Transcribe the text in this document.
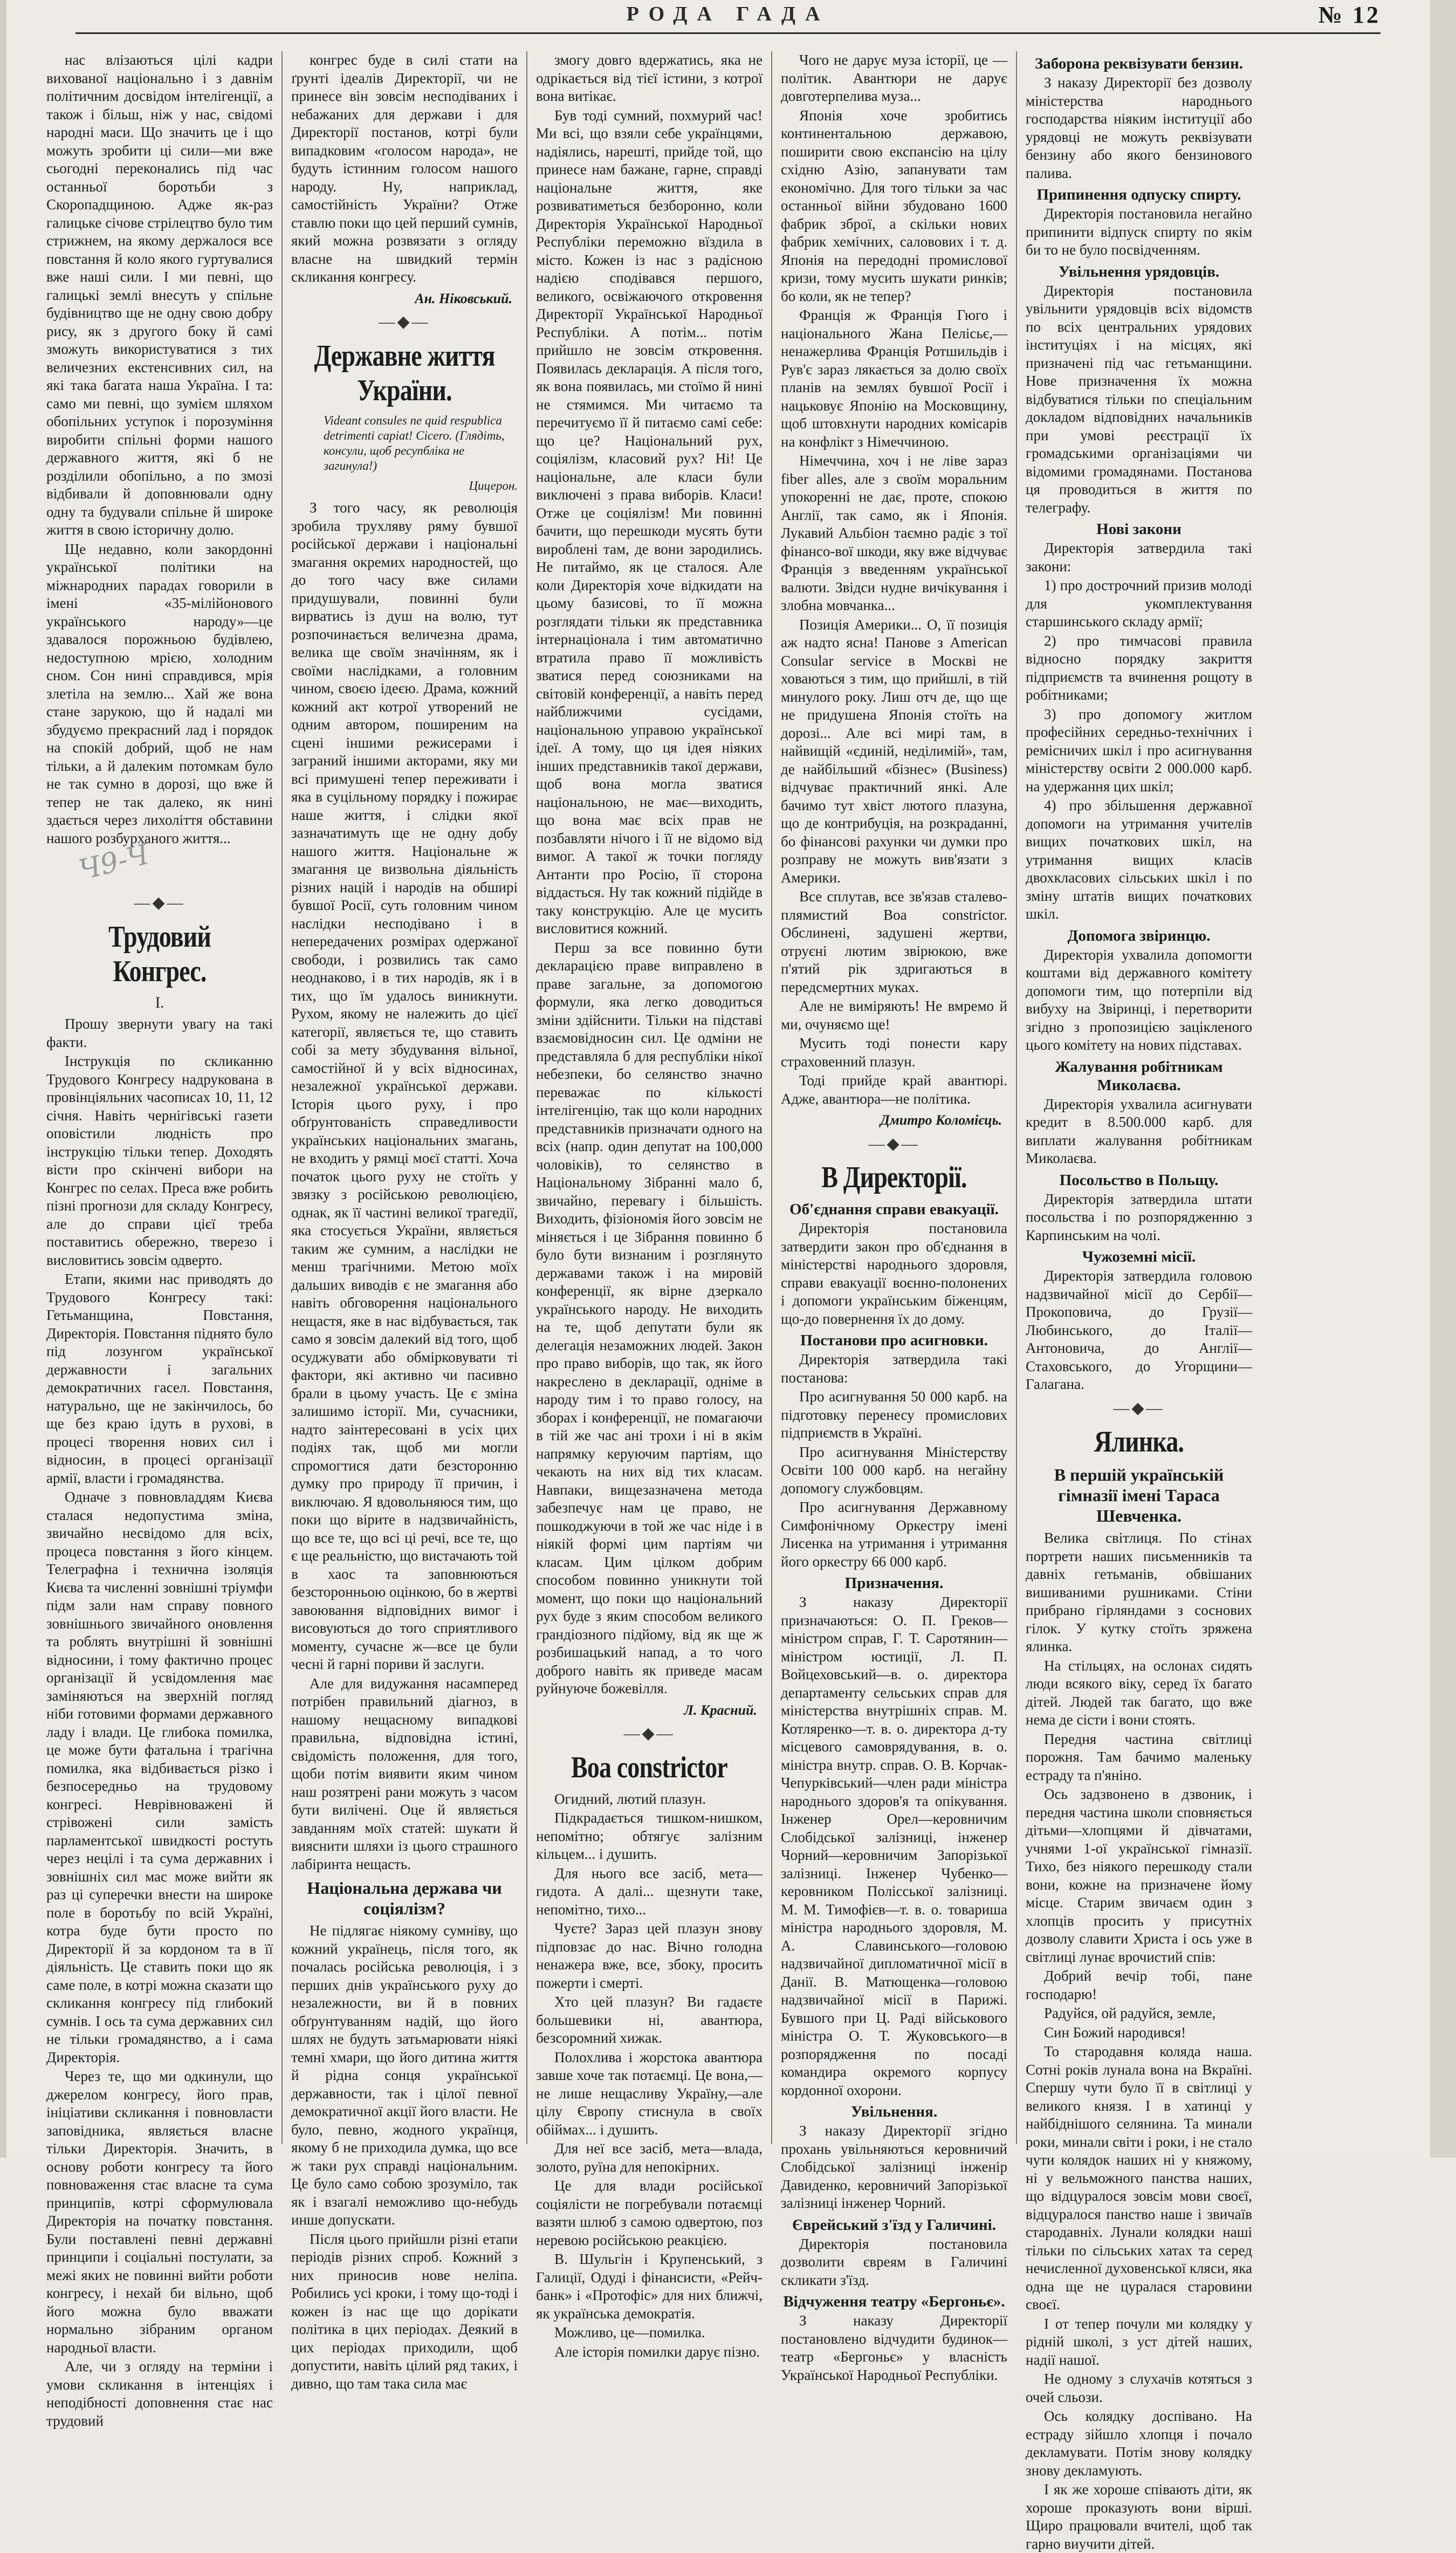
РОДА ГАДА	№ 12

нас влізаються цілі кадри вихованої національно і з давнім політичним досвідом інтелігенції, а також і більш, ніж у нас, свідомі народні маси. Що значить це і що можуть зробити ці сили—ми вже сьогодні переконались під час останньої боротьби з Скоропадщиною. Адже як-раз галицьке січове стрілецтво було тим стрижнем, на якому держалося все повстання й коло якого гуртувалися вже наші сили. І ми певні, що галицькі землі внесуть у спільне будівництво ще не одну свою добру рису, як з другого боку й самі зможуть використуватися з тих величезних екстенсивних сил, на які така багата наша Україна. І та: само ми певні, що зумієм шляхом обопільних уступок і порозуміння виробити спільні форми нашого державного життя, які б не розділили обопільно, а по змозі відбивали й доповнювали одну одну та будували спільне й широке життя в свою історичну долю.

Ще недавно, коли закордонні української політики на міжнародних парадах говорили в імені «35-мілійонового українського народу»—це здавалося порожньою будівлею, недоступною мрією, холодним сном. Сон нині справдився, мрія злетіла на землю... Хай же вона стане зарукою, що й надалі ми збудуємо прекрасний лад і порядок на спокій добрий, щоб не нам тільки, а й далеким потомкам було не так сумно в дорозі, що вже й тепер не так далеко, як нині здається через лихоліття обставини нашого розбурханого життя...

Ч9-Ч
—◆—
Трудовий Конгрес.
І.

Прошу звернути увагу на такі факти.

Інструкція по скликанню Трудового Конгресу надрукована в провінціяльних часописах 10, 11, 12 січня. Навіть чернігівські газети оповістили людність про інструкцію тільки тепер. Доходять вісти про скінчені вибори на Конгрес по селах. Преса вже робить пізні прогнози для складу Конгресу, але до справи цієї треба поставитись обережно, тверезо і висловитись зовсім одверто.

Етапи, якими нас приводять до Трудового Конгресу такі: Гетьманщина, Повстання, Директорія. Повстання піднято було під лозунгом української державности і загальних демократичних гасел. Повстання, натурально, ще не закінчилось, бо ще без краю ідуть в рухові, в процесі творення нових сил і відносин, в процесі організації армії, власти і громадянства.

Одначе з повновладдям Києва сталася недопустима зміна, звичайно несвідомо для всіх, процеса повстання з його кінцем. Телеграфна і технична ізоляція Києва та численні зовнішні тріумфи підм зали нам справу повного зовнішнього звичайного оновлення та роблять внутрішні й зовнішні відносини, і тому фактично процес організації й усвідомлення має заміняються на зверхній погляд ніби готовими формами державного ладу і влади. Це глибока помилка, це може бути фатальна і трагічна помилка, яка відбивається різко і безпосередньо на трудовому конгресі. Неврівноважені й стрівожені сили замість парламентської швидкості ростуть через нецілі і та сума державних і зовнішніх сил мас може вийти як раз ці суперечки внести на широке поле в боротьбу по всій Україні, котра буде бути просто по Директорії й за кордоном та в її діяльність. Це ставить поки що як саме поле, в котрі можна сказати що скликання конгресу під глибокий сумнів. І ось та сума державних сил не тільки громадянство, а і сама Директорія.

Через те, що ми одкинули, що джерелом конгресу, його прав, ініціативи скликання і повновласти заповідника, являється власне тільки Директорія. Значить, в основу роботи конгресу та його повноваження стає власне та сума принципів, котрі сформулювала Директорія на початку повстання. Були поставлені певні державні принципи і соціальні постулати, за межі яких не повинні вийти роботи конгресу, і нехай би вільно, щоб його можна було вважати нормально зібраним органом народньої власти.

Але, чи з огляду на терміни і умови скликання в інтенціях і неподібності доповнення стає нас трудовий

конгрес буде в силі стати на ґрунті ідеалів Директорії, чи не принесе він зовсім несподіваних і небажаних для держави і для Директорії постанов, котрі були випадковим «голосом народа», не будуть істинним голосом нашого народу. Ну, наприклад, самостійність України? Отже ставлю поки що цей перший сумнів, який можна розвязати з огляду власне на швидкий термін скликання конгресу.

Ан. Ніковський.
—◆—
Державне життя України.
Videant consules ne quid respublica detrimenti capiat! Cicero. (Глядіть, консули, щоб ресупбліка не загинула!)
Цицерон.

З того часу, як революція зробила трухляву ряму бувшої російської держави і національні змагання окремих народностей, що до того часу вже силами придушували, повинні були вирватись із душ на волю, тут розпочинається величезна драма, велика ще своїм значінням, як і своїми наслідками, а головним чином, своєю ідеєю. Драма, кожний кожний акт котрої утворений не одним автором, поширеним на сцені іншими режисерами і заграний іншими акторами, яку ми всі примушені тепер переживати і яка в суцільному порядку і пожирає наше життя, і слідки якої зазначатимуть ще не одну добу нашого життя. Національне ж змагання це визвольна діяльність різних націй і народів на обширі бувшої Росії, суть головним чином наслідки несподівано і в непередачених розмірах одержаної свободи, і розвились так само неоднаково, і в тих народів, як і в тих, що їм удалось виникнути. Рухом, якому не належить до цієї категорії, являється те, що ставить собі за мету збудування вільної, самостійної й у всіх відносинах, незалежної української держави. Історія цього руху, і про обґрунтованість справедливости українських національних змагань, не входить у рямці моєї статті. Хоча початок цього руху не стоїть у звязку з російською революцією, однак, як її частині великої трагедії, яка стосується України, являється таким же сумним, а наслідки не менш трагічними. Метою моїх дальших виводів є не змагання або навіть обговорення національного нещастя, яке в нас відбувається, так само я зовсім далекий від того, щоб осуджувати або обмірковувати ті фактори, які активно чи пасивно брали в цьому участь. Це є зміна залишимо історії. Ми, сучасники, надто заінтересовані в усіх цих подіях так, щоб ми могли спромогтися дати безсторонню думку про природу її причин, і виключаю. Я вдовольняюся тим, що поки що вірите в надзвичайність, що все те, що всі ці речі, все те, що є ще реальністю, що вистачають той в хаос та заповнюються безсторонньою оцінкою, бо в жертві завоювання відповідних вимог і висовуються до того сприятливого моменту, сучасне ж—все це були чесні й гарні пориви й заслуги.

Але для видужання насамперед потрібен правильний діагноз, в нашому нещасному випадкові правильна, відповідна істині, свідомість положення, для того, щоби потім виявити яким чином наш розятрені рани можуть з часом бути вилічені. Оце й являється завданням моїх статей: шукати й вияснити шляхи із цього страшного лабіринта нещасть.

Національна держава чи соціялізм?

Не підлягає ніякому сумніву, що кожний українець, після того, як почалась російська революція, і з перших днів українського руху до незалежности, ви й в повних обґрунтуванням надій, що його шлях не будуть затьмарювати ніякі темні хмари, що його дитина життя й рідна сонця української державности, так і цілої певної демократичної акції його власти. Не було, певно, жодного українця, якому б не приходила думка, що все ж таки рух справді національним. Це було само собою зрозуміло, так як і взагалі неможливо що-небудь инше допускати.

Після цього прийшли різні етапи періодів різних спроб. Кожний з них приносив нове неліпа. Робились усі кроки, і тому що-тоді і кожен із нас ще що дорікати політика в цих періодах. Деякий в цих періодах приходили, щоб допустити, навіть цілий ряд таких, і дивно, що там така сила має

змогу довго вдержатись, яка не одрікається від тієї істини, з котрої вона витікає.

Був тоді сумний, похмурий час! Ми всі, що взяли себе українцями, надіялись, нарешті, прийде той, що принесе нам бажане, гарне, справді національне життя, яке розвиватиметься безборонно, коли Директорія Української Народньої Республіки переможно вїздила в місто. Кожен із нас з радісною надією сподівався першого, великого, освіжаючого откровення Директорії Української Народньої Республіки. А потім... потім прийшло не зовсім откровення. Появилась декларація. А після того, як вона появилась, ми стоїмо й нині не стямимся. Ми читаємо та перечитуємо її й питаємо самі себе: що це? Національний рух, соціялізм, класовий рух? Ні! Це національне, але класи були виключені з права виборів. Класи! Отже це соціялізм! Ми повинні бачити, що перешкоди мусять бути вироблені там, де вони зародились. Не питаймо, як це сталося. Але коли Директорія хоче відкидати на цьому базисові, то її можна розглядати тільки як представника інтернаціонала і тим автоматично втратила право її можливість зватися перед союзниками на світовій конференції, а навіть перед найближчими сусідами, національною управою української ідеї. А тому, що ця ідея ніяких інших представників такої держави, щоб вона могла зватися національною, не має—виходить, що вона має всіх прав не позбавляти нічого і її не відомо від вимог. А такої ж точки погляду Антанти про Росію, її сторона віддасться. Ну так кожний підійде в таку конструкцію. Але це мусить висловитися кожний.

Перш за все повинно бути декларацією праве виправлено в праве загальне, за допомогою формули, яка легко доводиться зміни здійснити. Тільки на підставі взаємовідносин сил. Це одміни не представляла б для республіки нікої небезпеки, бо селянство значно переважає по кількості інтелігенцію, так що коли народних представників призначати одного на всіх (напр. один депутат на 100,000 чоловіків), то селянство в Національному Зібранні мало б, звичайно, перевагу і більшість. Виходить, фізіономія його зовсім не міняється і це Зібрання повинно б було бути визнаним і розглянуто державами також і на мировій конференції, як вірне дзеркало українського народу. Не виходить на те, щоб депутати були як делегація незаможних людей. Закон про право виборів, що так, як його накреслено в декларації, одніме в народу тим і то право голосу, на зборах і конференції, не помагаючи в тій же час ані трохи і ні в якім напрямку керуючим партіям, що чекають на них від тих класам. Навпаки, вищезазначена метода забезпечує нам це право, не пошкоджуючи в той же час ніде і в ніякій формі цим партіям чи класам. Цим цілком добрим способом повинно уникнути той момент, що поки що національний рух буде з яким способом великого грандіозного підйому, від як ще ж розбишацький напад, а то чого доброго навіть як приведе масам руйнуюче божевілля.

Л. Красний.
—◆—
Boa constrictor

Огидний, лютий плазун.

Підкрадається тишком-нишком, непомітно; обтягує залізним кільцем... і душить.

Для нього все засіб, мета—гидота. А далі... щезнути таке, непомітно, тихо...

Чуєте? Зараз цей плазун знову підповзає до нас. Вічно голодна ненажера вже, все, збоку, просить пожерти і смерті.

Хто цей плазун? Ви гадаєте большевики ні, авантюра, безсоромний хижак.

Полохлива і жорстока авантюра завше хоче так потаємці. Це вона,—не лише нещасливу Україну,—але цілу Європу стиснула в своїх обіймах... і душить.

Для неї все засіб, мета—влада, золото, руїна для непокірних.

Це для влади російської соціялісти не погребували потаємці вазяти шлюб з самою одвертою, поз неревою російською реакцією.

В. Шульгін і Крупенський, з Галиції, Одуді і фінансисти, «Рейч-банк» і «Протофіс» для них ближчі, як українська демократія.

Можливо, це—помилка.

Але історія помилки дарує пізно.

Чого не дарує муза історії, це —політик. Авантюри не дарує довготерпелива муза...

Японія хоче зробитись континентальною державою, поширити свою експансію на цілу східню Азію, запанувати там економічно. Для того тільки за час останньої війни збудовано 1600 фабрик зброї, а скільки нових фабрик хемічних, саловових і т. д. Японія на передодні промислової кризи, тому мусить шукати ринків; бо коли, як не тепер?

Франція ж Франція Гюго і національного Жана Пелісьє,—ненажерлива Франція Ротшильдів і Рув'є зараз лякається за долю своїх планів на землях бувшої Росії і нацьковує Японію на Московщину, щоб штовхнути народних комісарів на конфлікт з Німеччиною.

Німеччина, хоч і не ліве зараз fiber alles, але з своїм моральним упокоренні не дає, проте, спокою Англії, так само, як і Японія. Лукавий Альбіон таємно радіє з тої фінансо-вої шкоди, яку вже відчуває Франція з введенням української валюти. Звідси нудне вичікування і злобна мовчанка...

Позиція Америки... О, її позиція аж надто ясна! Панове з American Consular service в Москві не ховаються з тим, що прийшлі, в тій минулого року. Лиш отч де, що ще не придушена Японія стоїть на дорозі... Але всі мирі там, в найвищій «єдиній, неділимій», там, де найбільший «бізнес» (Business) відчуває практичний янкі. Але бачимо тут хвіст лютого плазуна, що де контрибуція, на розкраданні, бо фінансові рахунки чи думки про розправу не можуть вив'язати з Америки.

Все сплутав, все зв'язав сталево-плямистий Boa constrictor. Обслинені, задушені жертви, отруєні лютим звірюкою, вже п'ятий рік здригаються в передсмертних муках.

Але не виміряють! Не вмремо й ми, очуняємо ще!

Мусить тоді понести кару страховенний плазун.

Тоді прийде край авантюрі. Адже, авантюра—не політика.

Дмитро Коломієць.
—◆—
В Директорії.
Об'єднання справи евакуації.

Директорія постановила затвердити закон про об'єднання в міністерстві народнього здоровля, справи евакуації воєнно-полонених і допомоги українським біженцям, що-до повернення їх до дому.

Постанови про асигновки.

Директорія затвердила такі постанова:

Про асигнування 50 000 карб. на підготовку перенесу промислових підприємств в Україні.

Про асигнування Міністерству Освіти 100 000 карб. на негайну допомогу службовцям.

Про асигнування Державному Симфонічному Оркестру імені Лисенка на утримання і утримання його оркестру 66 000 карб.

Призначення.

З наказу Директорії призначаються: О. П. Греков—міністром справ, Г. Т. Саротянин—міністром юстиції, Л. П. Войцеховський—в. о. директора департаменту сельських справ для міністерства внутрішніх справ. М. Котляренко—т. в. о. директора д-ту місцевого самоврядування, в. о. міністра внутр. справ. О. В. Корчак-Чепурківський—член ради міністра народнього здоров'я та опікування. Інженер Орел—керовничим Слобідської залізниці, інженер Чорний—керовничим Запорізької залізниці. Інженер Чубенко—керовником Полісської залізниці. М. М. Тимофієв—т. в. о. товариша міністра народнього здоровля, М. А. Славинського—головою надзвичайної дипломатичної місії в Данії. В. Матющенка—головою надзвичайної місії в Парижі. Бувшого при Ц. Раді військового міністра О. Т. Жуковського—в розпорядження по посаді командира окремого корпусу кордонної охорони.

Увільнення.

З наказу Директорії згідно прохань увільняються керовничий Слобідської залізниці інженір Давиденко, керовничий Запорізької залізниці інженер Чорний.

Єврейський з'їзд у Галичині.

Директорія постановила дозволити євреям в Галичині скликати з'їзд.

Відчуження театру «Бергоньє».

З наказу Директорії постановлено відчудити будинок—театр «Бергоньє» у власність Української Народньої Республіки.

Заборона реквізувати бензин.

З наказу Директорії без дозволу міністерства народнього господарства ніяким інституції або урядовці не можуть реквізувати бензину або якого бензинового палива.

Припинення одпуску спирту.

Директорія постановила негайно припинити відпуск спирту по якім би то не було посвідченням.

Увільнення урядовців.

Директорія постановила увільнити урядовців всіх відомств по всіх центральних урядових інституціях і на місцях, які призначені під час гетьманщини. Нове призначення їх можна відбуватися тільки по спеціальним докладом відповідних начальників при умові реєстрації їх громадськими організаціями чи відомими громадянами. Постанова ця проводиться в життя по телеграфу.

Нові закони

Директорія затвердила такі закони:

1) про дострочний призив молоді для укомплектування старшинського складу армії;

2) про тимчасові правила відносно порядку закриття підприємств та вчинення рощоту в робітниками;

3) про допомогу житлом професійних середньо-технічних і ремісничих шкіл і про асигнування міністерству освіти 2 000.000 карб. на удержання цих шкіл;

4) про збільшення державної допомоги на утримання учителів вищих початкових шкіл, на утримання вищих класів двохкласових сільських шкіл і по зміну штатів вищих початкових шкіл.

Допомога звіринцю.

Директорія ухвалила допомогти коштами від державного комітету допомоги тим, що потерпіли від вибуху на Звіринці, і перетворити згідно з пропозицією зацікленого цього комітету на нових підставах.

Жалування робітникам Миколаєва.

Директорія ухвалила асигнувати кредит в 8.500.000 карб. для виплати жалування робітникам Миколаєва.

Посольство в Польщу.

Директорія затвердила штати посольства і по розпорядженню з Карпинським на чолі.

Чужоземні місії.

Директорія затвердила головою надзвичайної місії до Сербії—Прокоповича, до Грузії—Любинського, до Італії—Антоновича, до Англії—Стаховського, до Угорщини—Галагана.

—◆—
Ялинка.
В першій українській гімназії імені Тараса Шевченка.

Велика світлиця. По стінах портрети наших письменників та давніх гетьманів, обвішаних вишиваними рушниками. Стіни прибрано гірляндами з соснових гілок. У кутку стоїть зряжена ялинка.

На стільцях, на ослонах сидять люди всякого віку, серед їх багато дітей. Людей так багато, що вже нема де сісти і вони стоять.

Передня частина світлиці порожня. Там бачимо маленьку естраду та п'яніно.

Ось задзвонено в дзвоник, і передня частина школи сповняється дітьми—хлопцями й дівчатами, учнями 1-ої української гімназії. Тихо, без ніякого перешкоду стали вони, кожне на призначене йому місце. Старим звичаєм один з хлопців просить у присутніх дозволу славити Христа і ось уже в світлиці лунає врочистий спів:

Добрий вечір тобі, пане господарю!

Радуйся, ой радуйся, земле,

Син Божий народився!

То стародавня коляда наша. Сотні років лунала вона на Вкраїні. Спершу чути було її в світлиці у великого князя. І в хатинці у найбіднішого селянина. Та минали роки, минали світи і роки, і не стало чути колядок наших ні у княжому, ні у вельможного панства наших, що відцуралося зовсім мови своєї, відцуралося панство наше і звичаїв стародавніх. Лунали колядки наші тільки по сільських хатах та серед нечисленної духовенської кляси, яка одна ще не цуралася старовини своєї.

І от тепер почули ми колядку у рідній школі, з уст дітей наших, надії нашої.

Не одному з слухачів котяться з очей сльози.

Ось колядку доспівано. На естраду зійшло хлопця і почало декламувати. Потім знову колядку знову декламують.

І як же хороше співають діти, як хороше проказують вони вірші. Щиро працювали вчителі, щоб так гарно виучити дітей.
